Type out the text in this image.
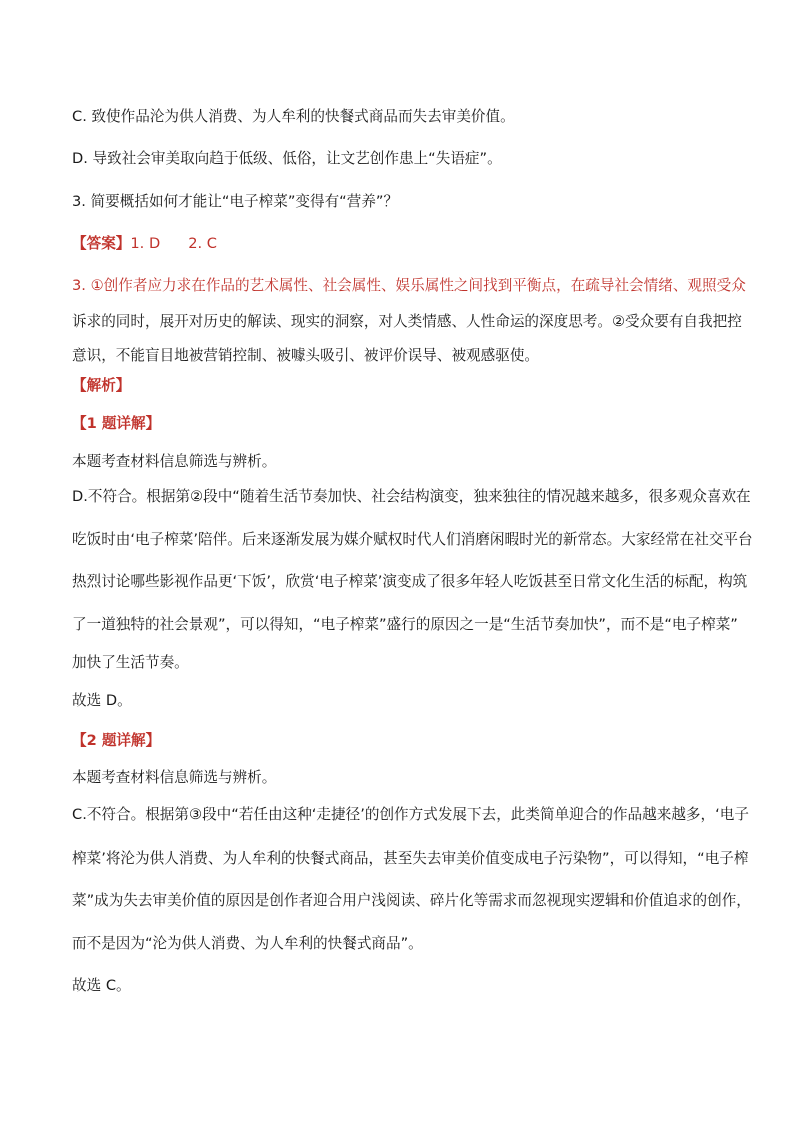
C. 致使作品沦为供人消费、为人牟利的快餐式商品而失去审美价值。
D. 导致社会审美取向趋于低级、低俗，让文艺创作患上“失语症”。
3. 简要概括如何才能让“电子榨菜”变得有“营养”？
【答案】1. D 2. C
3. ①创作者应力求在作品的艺术属性、社会属性、娱乐属性之间找到平衡点，在疏导社会情绪、观照受众
诉求的同时，展开对历史的解读、现实的洞察，对人类情感、人性命运的深度思考。②受众要有自我把控
意识，不能盲目地被营销控制、被噱头吸引、被评价误导、被观感驱使。
【解析】
【1 题详解】
本题考查材料信息筛选与辨析。
D.不符合。根据第②段中“随着生活节奏加快、社会结构演变，独来独往的情况越来越多，很多观众喜欢在
吃饭时由‘电子榨菜’陪伴。后来逐渐发展为媒介赋权时代人们消磨闲暇时光的新常态。大家经常在社交平台
热烈讨论哪些影视作品更‘下饭’，欣赏‘电子榨菜’演变成了很多年轻人吃饭甚至日常文化生活的标配，构筑
了一道独特的社会景观”，可以得知，“电子榨菜”盛行的原因之一是“生活节奏加快”，而不是“电子榨菜”
加快了生活节奏。
故选 D。
【2 题详解】
本题考查材料信息筛选与辨析。
C.不符合。根据第③段中“若任由这种‘走捷径’的创作方式发展下去，此类简单迎合的作品越来越多，‘电子
榨菜’将沦为供人消费、为人牟利的快餐式商品，甚至失去审美价值变成电子污染物”，可以得知，“电子榨
菜”成为失去审美价值的原因是创作者迎合用户浅阅读、碎片化等需求而忽视现实逻辑和价值追求的创作，
而不是因为“沦为供人消费、为人牟利的快餐式商品”。
故选 C。
